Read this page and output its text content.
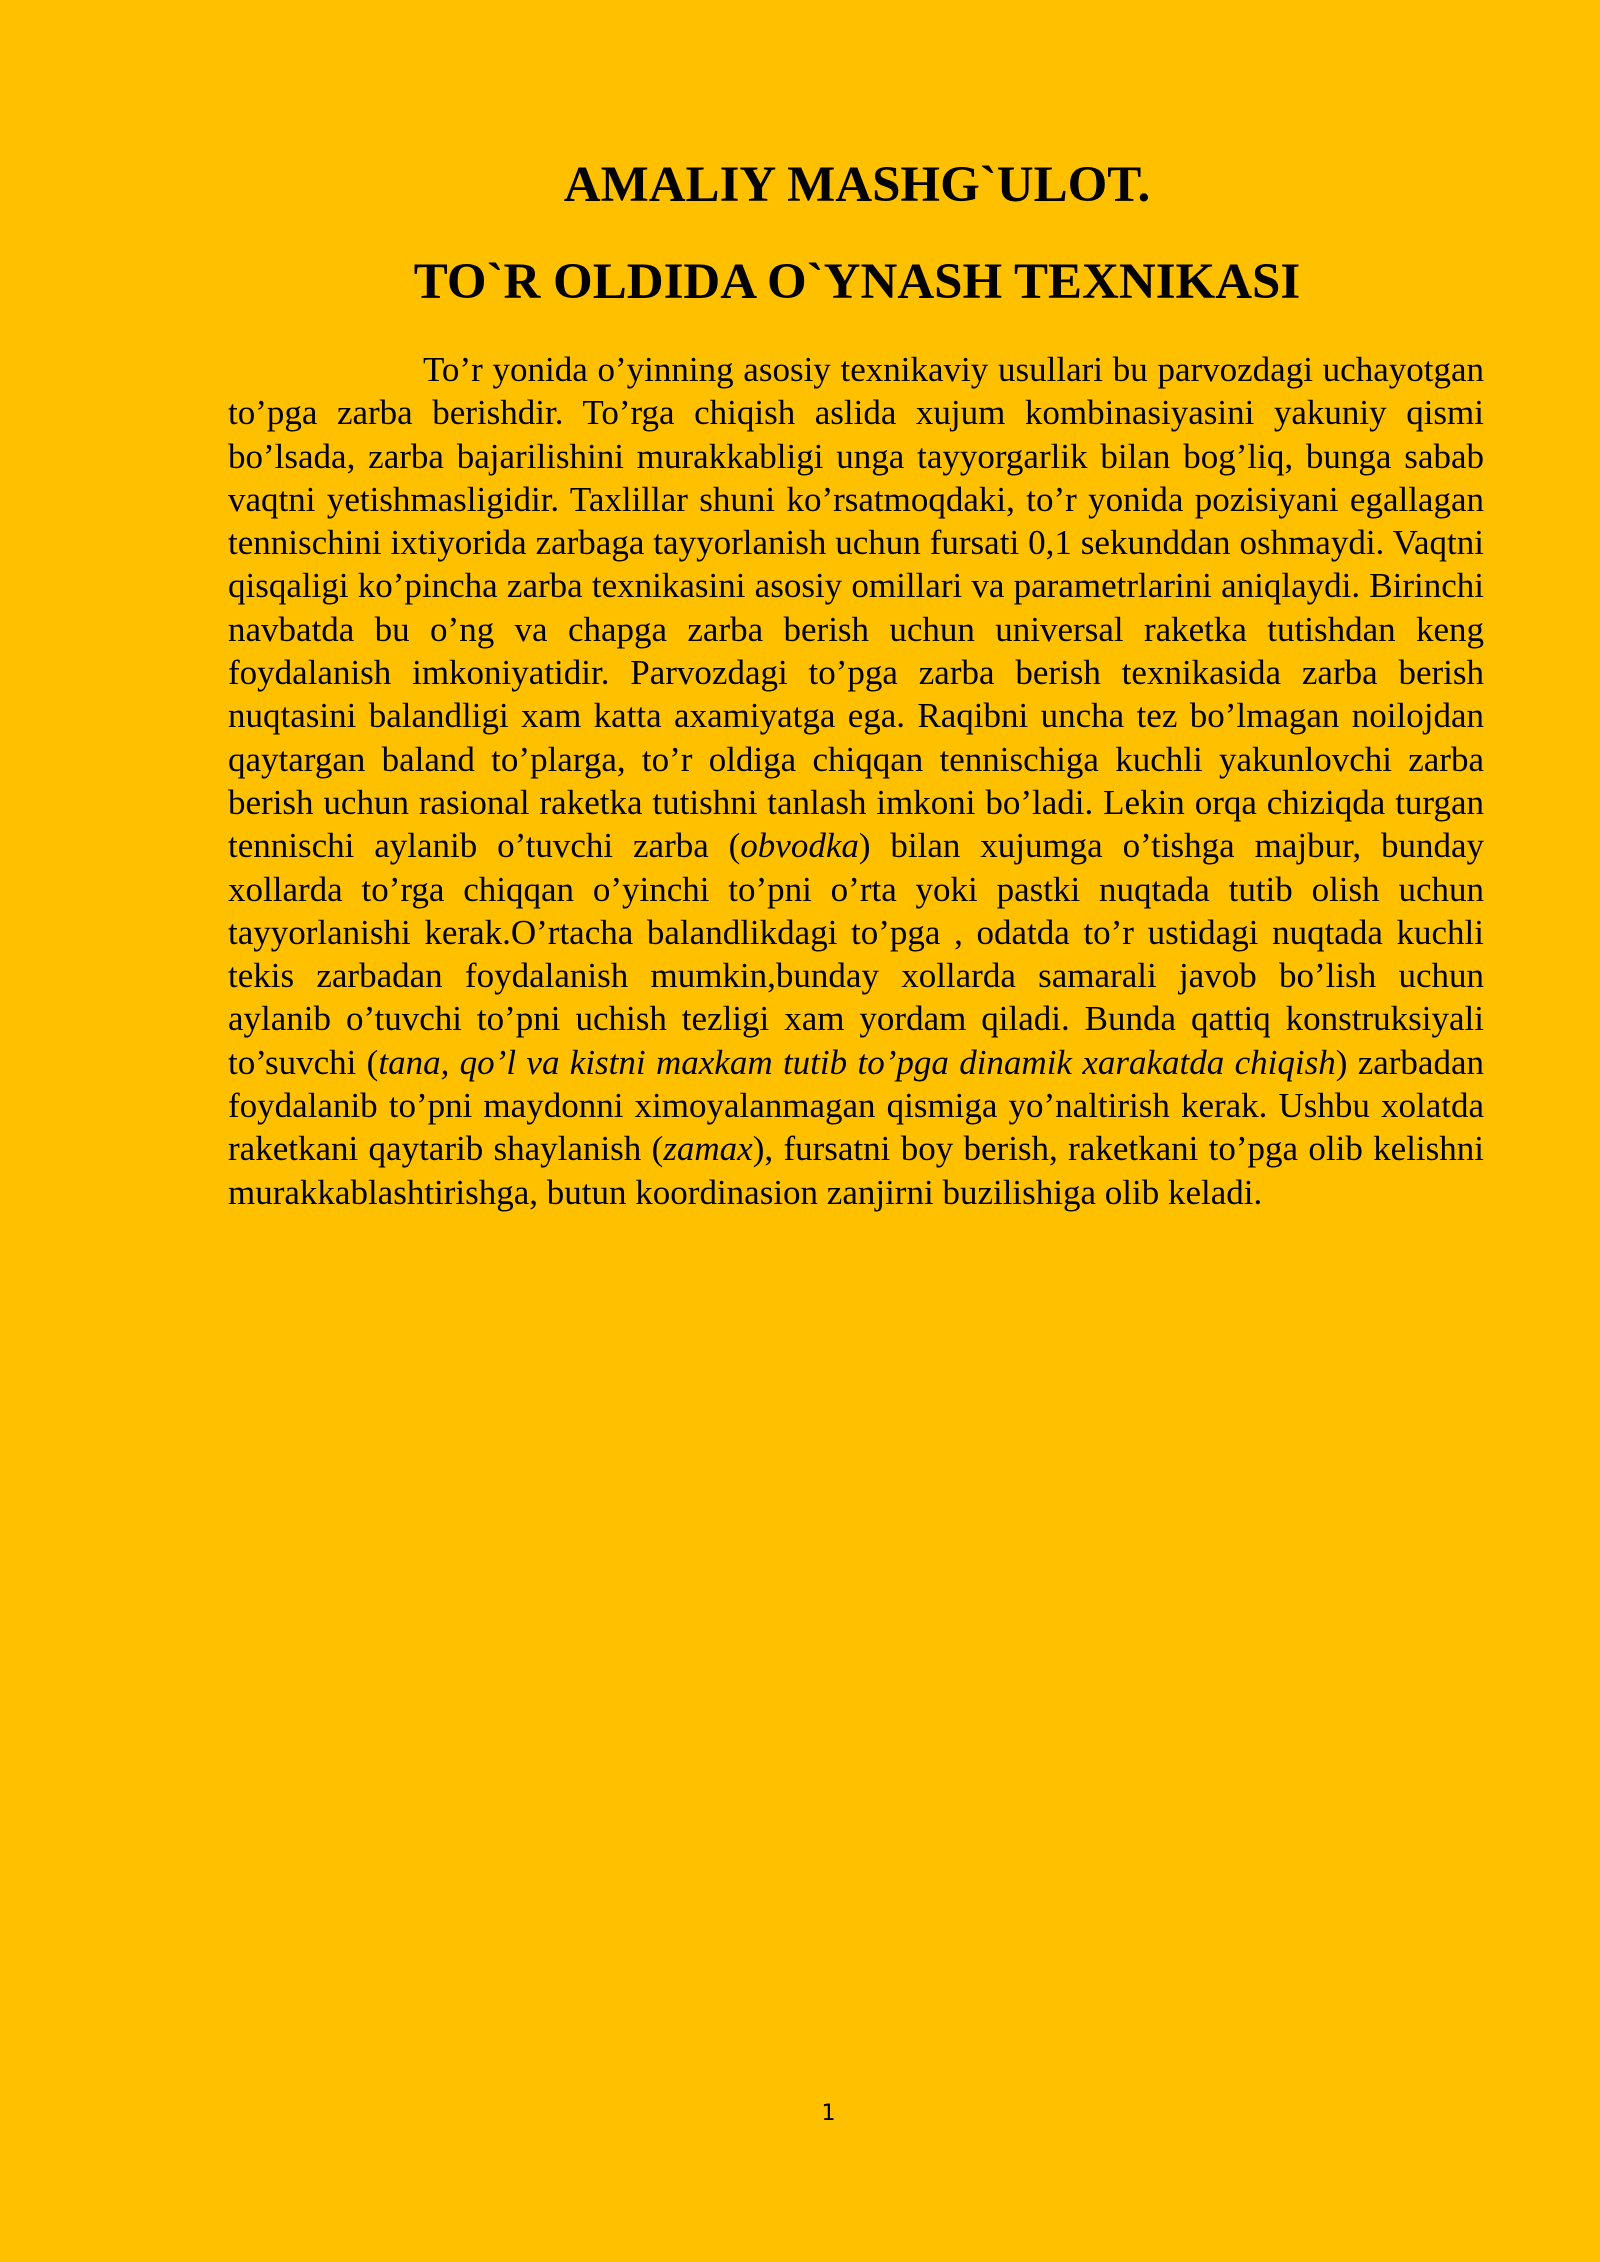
AMALIY MASHG`ULOT.
TO`R OLDIDA O`YNASH TEXNIKASI

To’r yonida o’yinning asosiy texnikaviy usullari bu parvozdagi uchayotgan to’pga zarba berishdir. To’rga chiqish aslida xujum kombinasiyasini yakuniy qismi bo’lsada, zarba bajarilishini murakkabligi unga tayyorgarlik bilan bog’liq, bunga sabab vaqtni yetishmasligidir. Taxlillar shuni ko’rsatmoqdaki, to’r yonida pozisiyani egallagan tennischini ixtiyorida zarbaga tayyorlanish uchun fursati 0,1 sekunddan oshmaydi. Vaqtni qisqaligi ko’pincha zarba texnikasini asosiy omillari va parametrlarini aniqlaydi. Birinchi navbatda bu o’ng va chapga zarba berish uchun universal raketka tutishdan keng foydalanish imkoniyatidir. Parvozdagi to’pga zarba berish texnikasida zarba berish nuqtasini balandligi xam katta axamiyatga ega. Raqibni uncha tez bo’lmagan noilojdan qaytargan baland to’plarga, to’r oldiga chiqqan tennischiga kuchli yakunlovchi zarba berish uchun rasional raketka tutishni tanlash imkoni bo’ladi. Lekin orqa chiziqda turgan tennischi aylanib o’tuvchi zarba (obvodka) bilan xujumga o’tishga majbur, bunday xollarda to’rga chiqqan o’yinchi to’pni o’rta yoki pastki nuqtada tutib olish uchun tayyorlanishi kerak.O’rtacha balandlikdagi to’pga , odatda to’r ustidagi nuqtada kuchli tekis zarbadan foydalanish mumkin,bunday xollarda samarali javob bo’lish uchun aylanib o’tuvchi to’pni uchish tezligi xam yordam qiladi. Bunda qattiq konstruksiyali to’suvchi (tana, qo’l va kistni maxkam tutib to’pga dinamik xarakatda chiqish) zarbadan foydalanib to’pni maydonni ximoyalanmagan qismiga yo’naltirish kerak. Ushbu xolatda raketkani qaytarib shaylanish (zamax), fursatni boy berish, raketkani to’pga olib kelishni murakkablashtirishga, butun koordinasion zanjirni buzilishiga olib keladi.

1
